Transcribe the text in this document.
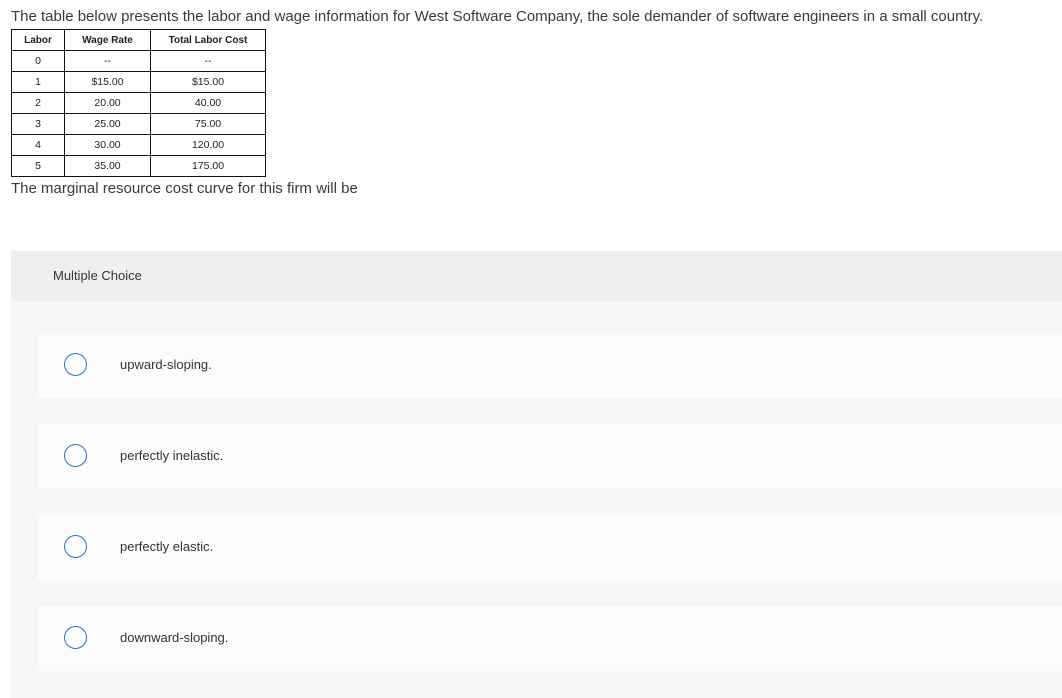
The table below presents the labor and wage information for West Software Company, the sole demander of software engineers in a small country.
Labor	Wage Rate	Total Labor Cost
0	--	--
1	$15.00	$15.00
2	20.00	40.00
3	25.00	75.00
4	30.00	120.00
5	35.00	175.00
The marginal resource cost curve for this firm will be
Multiple Choice
upward-sloping.
perfectly inelastic.
perfectly elastic.
downward-sloping.
